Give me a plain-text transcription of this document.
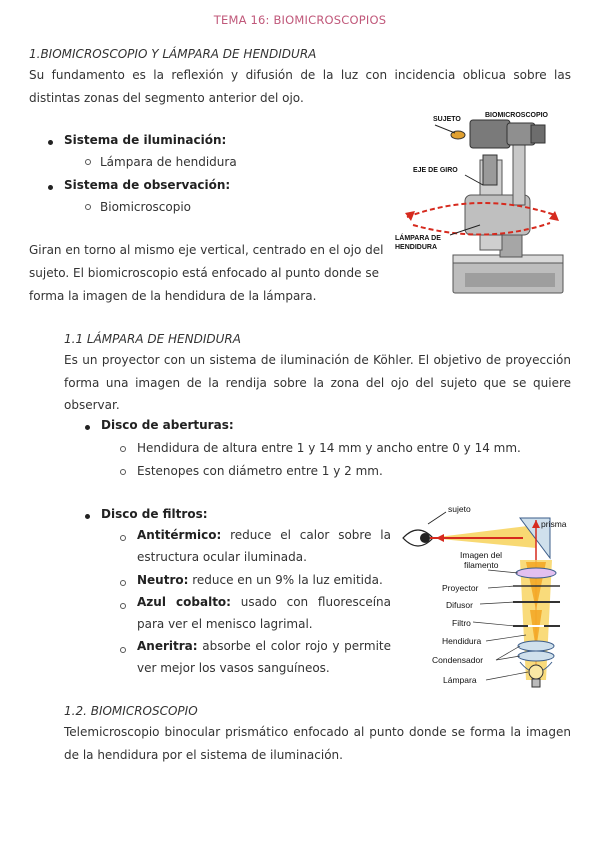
TEMA 16: BIOMICROSCOPIOS
1.BIOMICROSCOPIO Y LÁMPARA DE HENDIDURA
Su fundamento es la reflexión y difusión de la luz con incidencia oblicua sobre las
distintas zonas del segmento anterior del ojo.
Sistema de iluminación:
Lámpara de hendidura
Sistema de observación:
Biomicroscopio
Giran en torno al mismo eje vertical, centrado en el ojo del
sujeto. El biomicroscopio está enfocado al punto donde se
forma la imagen de la hendidura de la lámpara.
SUJETO
BIOMICROSCOPIO
EJE DE GIRO
LÁMPARA DE
HENDIDURA
1.1 LÁMPARA DE HENDIDURA
Es un proyector con un sistema de iluminación de Köhler. El objetivo de proyección
forma una imagen de la rendija sobre la zona del ojo del sujeto que se quiere
observar.
Disco de aberturas:
Hendidura de altura entre 1 y 14 mm y ancho entre 0 y 14 mm.
Estenopes con diámetro entre 1 y 2 mm.
Disco de filtros:
Antitérmico: reduce el calor sobre la
estructura ocular iluminada.
Neutro: reduce en un 9% la luz emitida.
Azul cobalto: usado con fluoresceína
para ver el menisco lagrimal.
Aneritra: absorbe el color rojo y permite
ver mejor los vasos sanguíneos.
sujeto
prisma
Imagen del
filamento
Proyector
Difusor
Filtro
Hendidura
Condensador
Lámpara
1.2. BIOMICROSCOPIO
Telemicroscopio binocular prismático enfocado al punto donde se forma la imagen
de la hendidura por el sistema de iluminación.
